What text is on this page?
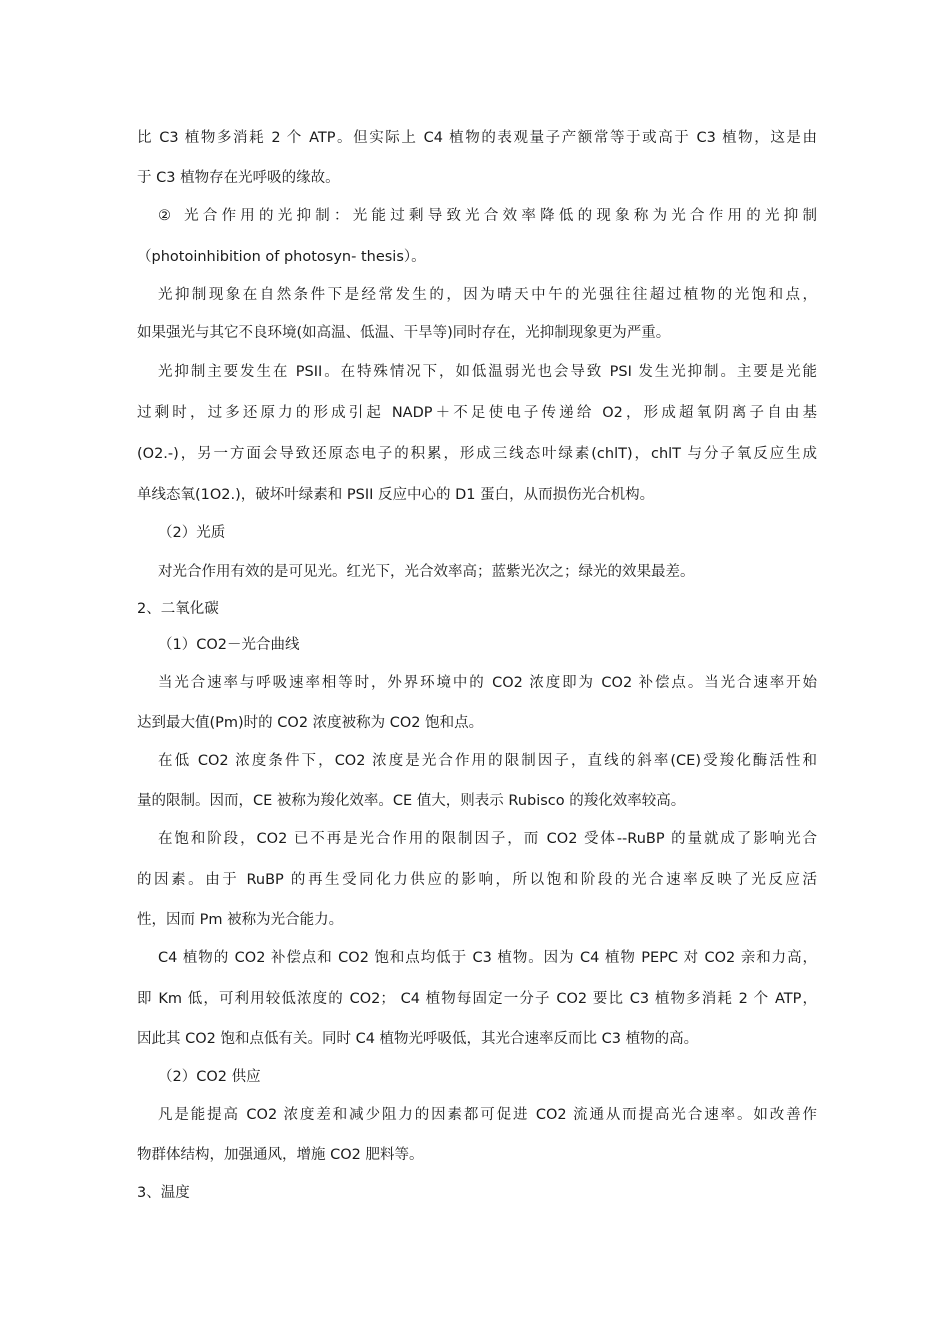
比 C3 植物多消耗 2 个 ATP。但实际上 C4 植物的表观量子产额常等于或高于 C3 植物，这是由
于 C3 植物存在光呼吸的缘故。
② 光合作用的光抑制：光能过剩导致光合效率降低的现象称为光合作用的光抑制
（photoinhibition of photosyn- thesis）。
光抑制现象在自然条件下是经常发生的，因为晴天中午的光强往往超过植物的光饱和点，
如果强光与其它不良环境(如高温、低温、干旱等)同时存在，光抑制现象更为严重。
光抑制主要发生在 PSII。在特殊情况下，如低温弱光也会导致 PSI 发生光抑制。主要是光能
过剩时，过多还原力的形成引起 NADP＋不足使电子传递给 O2，形成超氧阴离子自由基
(O2.-)，另一方面会导致还原态电子的积累，形成三线态叶绿素(chlT)，chlT 与分子氧反应生成
单线态氧(1O2.)，破坏叶绿素和 PSII 反应中心的 D1 蛋白，从而损伤光合机构。
（2）光质
对光合作用有效的是可见光。红光下，光合效率高；蓝紫光次之；绿光的效果最差。
2、二氧化碳
（1）CO2－光合曲线
当光合速率与呼吸速率相等时，外界环境中的 CO2 浓度即为 CO2 补偿点。当光合速率开始
达到最大值(Pm)时的 CO2 浓度被称为 CO2 饱和点。
在低 CO2 浓度条件下，CO2 浓度是光合作用的限制因子，直线的斜率(CE)受羧化酶活性和
量的限制。因而，CE 被称为羧化效率。CE 值大，则表示 Rubisco 的羧化效率较高。
在饱和阶段，CO2 已不再是光合作用的限制因子，而 CO2 受体--RuBP 的量就成了影响光合
的因素。由于 RuBP 的再生受同化力供应的影响，所以饱和阶段的光合速率反映了光反应活
性，因而 Pm 被称为光合能力。
C4 植物的 CO2 补偿点和 CO2 饱和点均低于 C3 植物。因为 C4 植物 PEPC 对 CO2 亲和力高，
即 Km 低，可利用较低浓度的 CO2； C4 植物每固定一分子 CO2 要比 C3 植物多消耗 2 个 ATP，
因此其 CO2 饱和点低有关。同时 C4 植物光呼吸低，其光合速率反而比 C3 植物的高。
（2）CO2 供应
凡是能提高 CO2 浓度差和减少阻力的因素都可促进 CO2 流通从而提高光合速率。如改善作
物群体结构，加强通风，增施 CO2 肥料等。
3、温度
